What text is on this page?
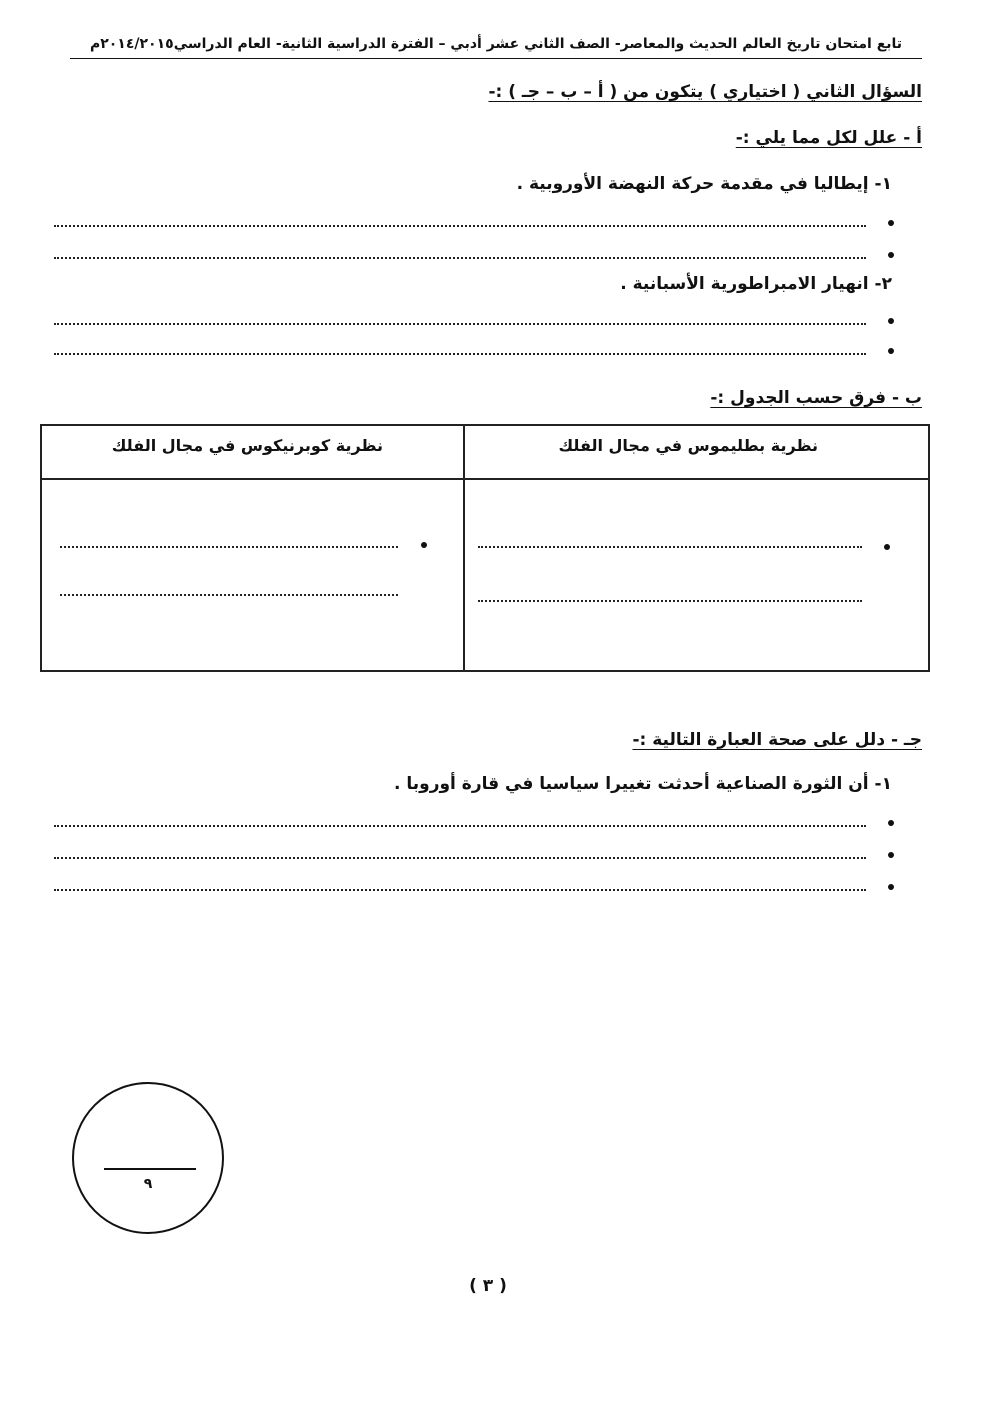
تابع امتحان تاريخ العالم الحديث والمعاصر- الصف الثاني عشر أدبي – الفترة الدراسية الثانية- العام الدراسي٢٠١٤/٢٠١٥م
السؤال الثاني ( اختياري ) يتكون من ( أ – ب – جـ ) :-
أ - علل لكل مما يلي :-
١- إيطاليا في مقدمة حركة النهضة الأوروبية .
٢- انهيار الامبراطورية الأسبانية .
ب - فرق حسب الجدول :-
نظرية بطليموس في مجال الفلك
نظرية كوبرنيكوس في مجال الفلك
جـ - دلل على صحة العبارة التالية :-
١- أن الثورة الصناعية أحدثت تغييرا سياسيا في قارة أوروبا .
٩
( ٣ )
